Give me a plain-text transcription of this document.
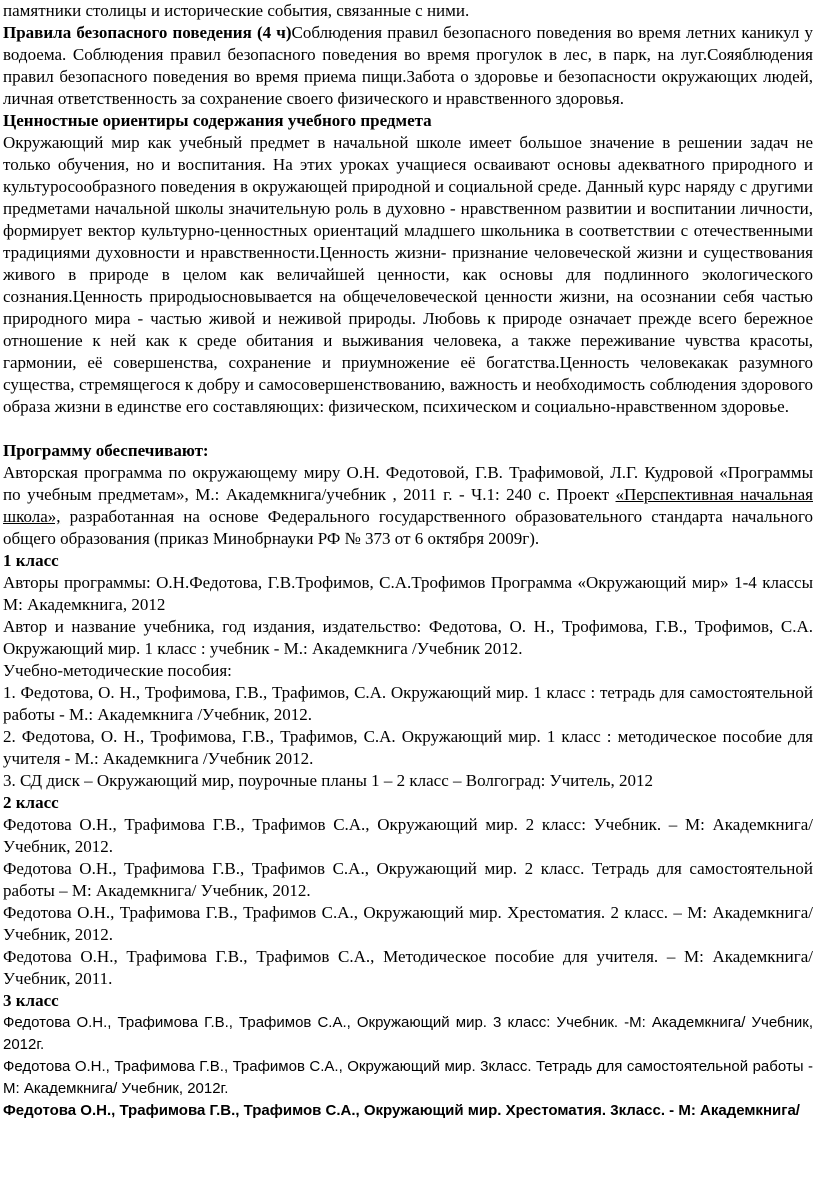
памятники столицы и исторические события, связанные с ними.

Правила безопасного поведения (4 ч)Соблюдения правил безопасного поведения во время летних каникул у водоема. Соблюдения правил безопасного поведения во время прогулок в лес, в парк, на луг.Сояяблюдения правил безопасного поведения во время приема пищи.Забота о здоровье и безопасности окружающих людей, личная ответственность за сохранение своего физического и нравственного здоровья.

Ценностные ориентиры содержания учебного предмета

Окружающий мир как учебный предмет в начальной школе имеет большое значение в решении задач не только обучения, но и воспитания. На этих уроках учащиеся осваивают основы адекватного природного и культуросообразного поведения в окружающей природной и социальной среде. Данный курс наряду с другими предметами начальной школы значительную роль в духовно - нравственном развитии и воспитании личности, формирует вектор культурно-ценностных ориентаций младшего школьника в соответствии с отечественными традициями духовности и нравственности.Ценность жизни- признание человеческой жизни и существования живого в природе в целом как величайшей ценности, как основы для подлинного экологического сознания.Ценность природыосновывается на общечеловеческой ценности жизни, на осознании себя частью природного мира - частью живой и неживой природы. Любовь к природе означает прежде всего бережное отношение к ней как к среде обитания и выживания человека, а также переживание чувства красоты, гармонии, её совершенства, сохранение и приумножение её богатства.Ценность человекакак разумного существа, стремящегося к добру и самосовершенствованию, важность и необходимость соблюдения здорового образа жизни в единстве его составляющих: физическом, психическом и социально-нравственном здоровье.

Программу обеспечивают:

Авторская программа по окружающему миру О.Н. Федотовой, Г.В. Трафимовой, Л.Г. Кудровой «Программы по учебным предметам», М.: Академкнига/учебник , 2011 г. - Ч.1: 240 с. Проект «Перспективная начальная школа», разработанная на основе Федерального государственного образовательного стандарта начального общего образования (приказ Минобрнауки РФ № 373 от 6 октября 2009г).

1 класс

Авторы программы: О.Н.Федотова, Г.В.Трофимов, С.А.Трофимов Программа «Окружающий мир» 1-4 классы М: Академкнига, 2012

Автор и название учебника, год издания, издательство: Федотова, О. Н., Трофимова, Г.В., Трофимов, С.А. Окружающий мир. 1 класс : учебник - М.: Академкнига /Учебник 2012.

Учебно-методические пособия:

1. Федотова, О. Н., Трофимова, Г.В., Трафимов, С.А. Окружающий мир. 1 класс : тетрадь для самостоятельной работы - М.: Академкнига /Учебник, 2012.

2. Федотова, О. Н., Трофимова, Г.В., Трафимов, С.А. Окружающий мир. 1 класс : методическое пособие для учителя - М.: Академкнига /Учебник 2012.

3. СД диск – Окружающий мир, поурочные планы 1 – 2 класс – Волгоград: Учитель, 2012

2 класс

Федотова О.Н., Трафимова Г.В., Трафимов С.А., Окружающий мир. 2 класс: Учебник. – М: Академкнига/ Учебник, 2012.

Федотова О.Н., Трафимова Г.В., Трафимов С.А., Окружающий мир. 2 класс. Тетрадь для самостоятельной работы – М: Академкнига/ Учебник, 2012.

Федотова О.Н., Трафимова Г.В., Трафимов С.А., Окружающий мир. Хрестоматия. 2 класс. – М: Академкнига/ Учебник, 2012.

Федотова О.Н., Трафимова Г.В., Трафимов С.А., Методическое пособие для учителя. – М: Академкнига/ Учебник, 2011.

3 класс

Федотова О.Н., Трафимова Г.В., Трафимов С.А., Окружающий мир. 3 класс: Учебник. -М: Академкнига/ Учебник, 2012г.

Федотова О.Н., Трафимова Г.В., Трафимов С.А., Окружающий мир. 3класс. Тетрадь для самостоятельной работы - М: Академкнига/ Учебник, 2012г.

Федотова О.Н., Трафимова Г.В., Трафимов С.А., Окружающий мир. Хрестоматия. 3класс. - М: Академкнига/
